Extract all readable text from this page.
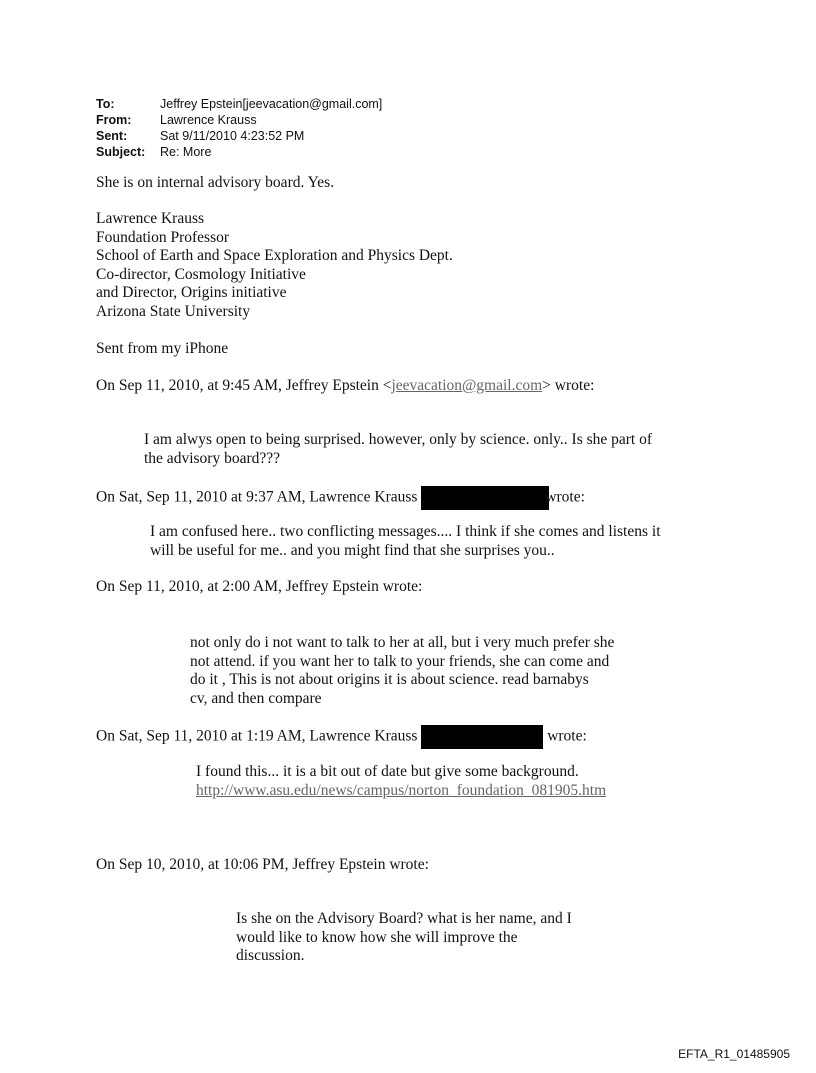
To:	Jeffrey Epstein[jeevacation@gmail.com]
From:	Lawrence Krauss
Sent:	Sat 9/11/2010 4:23:52 PM
Subject:	Re: More
She is on internal advisory board. Yes.
Lawrence Krauss
Foundation Professor
School of Earth and Space Exploration and Physics Dept.
Co-director, Cosmology Initiative
and Director, Origins initiative
Arizona State University
Sent from my iPhone
On Sep 11, 2010, at 9:45 AM, Jeffrey Epstein <jeevacation@gmail.com> wrote:
I am alwys open to being surprised. however, only by science. only.. Is she part of
the advisory board???
On Sat, Sep 11, 2010 at 9:37 AM, Lawrence Krauss	wrote:
I am confused here.. two conflicting messages.... I think if she comes and listens it
will be useful for me.. and you might find that she surprises you..
On Sep 11, 2010, at 2:00 AM, Jeffrey Epstein wrote:
not only do i not want to talk to her at all, but i very much prefer she
not attend. if you want her to talk to your friends, she can come and
do it , This is not about origins it is about science. read barnabys
cv, and then compare
On Sat, Sep 11, 2010 at 1:19 AM, Lawrence Krauss	wrote:
I found this... it is a bit out of date but give some background.
http://www.asu.edu/news/campus/norton_foundation_081905.htm
On Sep 10, 2010, at 10:06 PM, Jeffrey Epstein wrote:
Is she on the Advisory Board? what is her name, and I
would like to know how she will improve the
discussion.
EFTA_R1_01485905
